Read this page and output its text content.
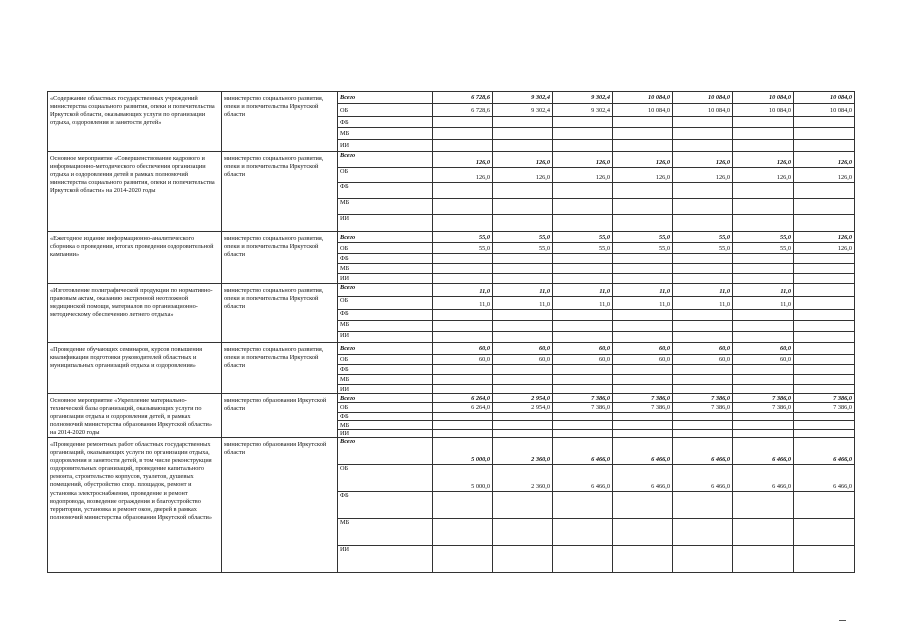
«Содержание областных государственных учреждений министерства социального развития, опеки и попечительства Иркутской области, оказывающих услуги по организации отдыха, оздоровления и занятости детей»	министерство социального развития, опеки и попечительства Иркутской области	Всего	6 728,6	9 302,4	9 302,4	10 084,0	10 084,0	10 084,0	10 084,0
		ОБ	6 728,6	9 302,4	9 302,4	10 084,0	10 084,0	10 084,0	10 084,0
		ФБ							
		МБ							
		ИИ							
Основное мероприятие «Совершенствование кадрового и информационно-методического обеспечения организации отдыха и оздоровления детей в рамках полномочий министерства социального развития, опеки и попечительства Иркутской области» на 2014-2020 годы	министерство социального развития, опеки и попечительства Иркутской области	Всего	126,0	126,0	126,0	126,0	126,0	126,0	126,0
		ОБ	126,0	126,0	126,0	126,0	126,0	126,0	126,0
		ФБ							
		МБ							
		ИИ							
«Ежегодное издание информационно-аналитического сборника о проведении, итогах проведения оздоровительной кампании»	министерство социального развития, опеки и попечительства Иркутской области	Всего	55,0	55,0	55,0	55,0	55,0	55,0	126,0
		ОБ	55,0	55,0	55,0	55,0	55,0	55,0	126,0
		ФБ							
		МБ							
		ИИ							
«Изготовление полиграфической продукции по нормативно-правовым актам, оказанию экстренной неотложной медицинской помощи, материалов по организационно-методическому обеспечению летнего отдыха»	министерство социального развития, опеки и попечительства Иркутской области	Всего	11,0	11,0	11,0	11,0	11,0	11,0	
		ОБ	11,0	11,0	11,0	11,0	11,0	11,0	
		ФБ							
		МБ							
		ИИ							
«Проведение обучающих семинаров, курсов повышения квалификации подготовки руководителей областных и муниципальных организаций отдыха и оздоровления»	министерство социального развития, опеки и попечительства Иркутской области	Всего	60,0	60,0	60,0	60,0	60,0	60,0	
		ОБ	60,0	60,0	60,0	60,0	60,0	60,0	
		ФБ							
		МБ							
		ИИ							
Основное мероприятие «Укрепление материально-технической базы организаций, оказывающих услуги по организации отдыха и оздоровления детей, в рамках полномочий министерства образования Иркутской области» на 2014-2020 годы	министерство образования Иркутской области	Всего	6 264,0	2 954,0	7 386,0	7 386,0	7 386,0	7 386,0	7 386,0
		ОБ	6 264,0	2 954,0	7 386,0	7 386,0	7 386,0	7 386,0	7 386,0
		ФБ							
		МБ							
		ИИ							
«Проведение ремонтных работ областных государственных организаций, оказывающих услуги по организации отдыха, оздоровления и занятости детей, в том числе реконструкция оздоровительных организаций, проведение капитального ремонта, строительство корпусов, туалетов, душевых помещений, обустройство спор. площадок, ремонт и установка электроснабжения, проведение и ремонт водопровода, возведение ограждения и благоустройство территории, установка и ремонт окон, дверей в рамках полномочий министерства образования Иркутской области»	министерство образования Иркутской области	Всего	5 000,0	2 360,0	6 466,0	6 466,0	6 466,0	6 466,0	6 466,0
		ОБ	5 000,0	2 360,0	6 466,0	6 466,0	6 466,0	6 466,0	6 466,0
		ФБ							
		МБ							
		ИИ							
